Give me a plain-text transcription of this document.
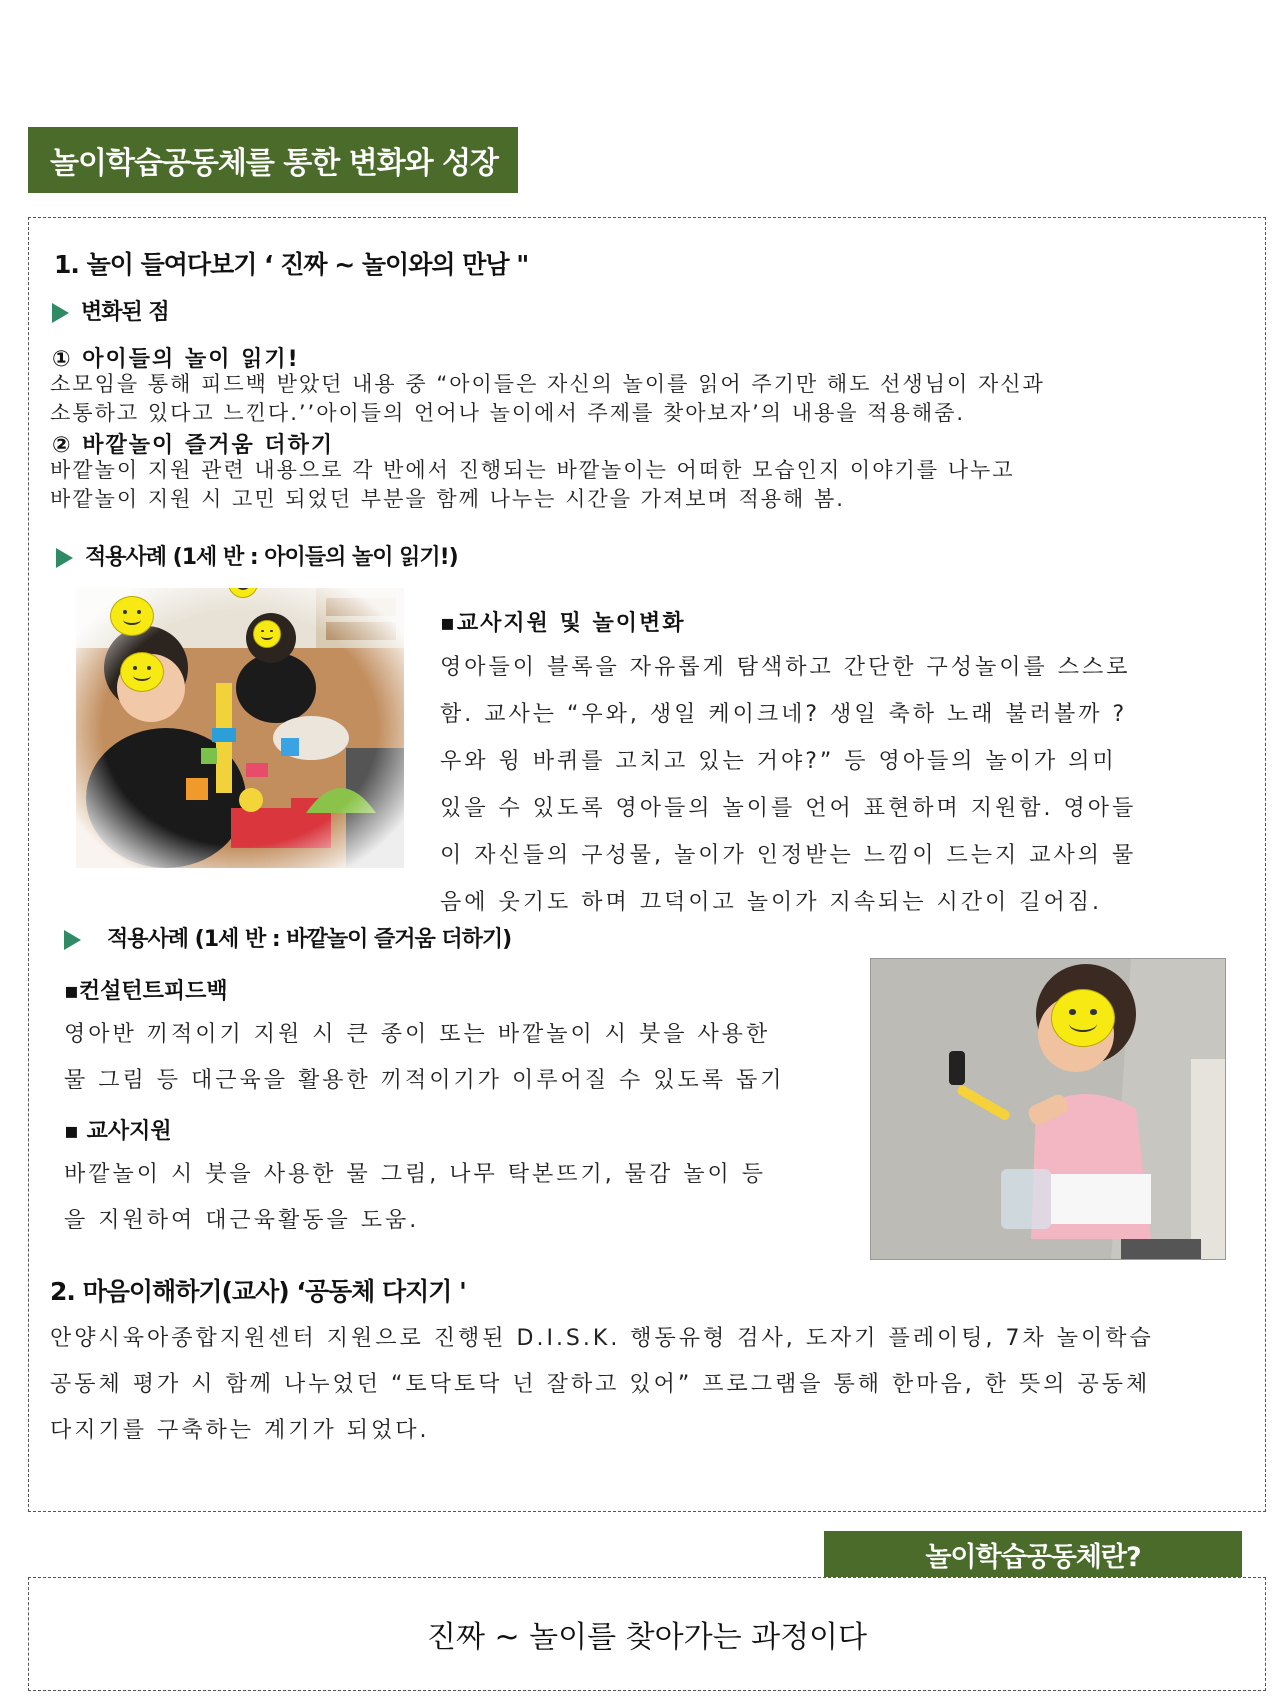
놀이학습공동체를 통한 변화와 성장
1. 놀이 들여다보기 ‘ 진짜 ~ 놀이와의 만남 "
변화된 점
① 아이들의 놀이 읽기!
소모임을 통해 피드백 받았던 내용 중 “아이들은 자신의 놀이를 읽어 주기만 해도 선생님이 자신과
소통하고 있다고 느낀다.’’아이들의 언어나 놀이에서 주제를 찾아보자’의 내용을 적용해줌.
② 바깥놀이 즐거움 더하기
바깥놀이 지원 관련 내용으로 각 반에서 진행되는 바깥놀이는 어떠한 모습인지 이야기를 나누고
바깥놀이 지원 시 고민 되었던 부분을 함께 나누는 시간을 가져보며 적용해 봄.
적용사례 (1세 반 : 아이들의 놀이 읽기!)
▪교사지원 및 놀이변화
영아들이 블록을 자유롭게 탐색하고 간단한 구성놀이를 스스로
함. 교사는 “우와, 생일 케이크네? 생일 축하 노래 불러볼까 ?
우와 윙 바퀴를 고치고 있는 거야?” 등 영아들의 놀이가 의미
있을 수 있도록 영아들의 놀이를 언어 표현하며 지원함. 영아들
이 자신들의 구성물, 놀이가 인정받는 느낌이 드는지 교사의 물
음에 웃기도 하며 끄덕이고 놀이가 지속되는 시간이 길어짐.
적용사례 (1세 반 : 바깥놀이 즐거움 더하기)
▪컨설턴트피드백
영아반 끼적이기 지원 시 큰 종이 또는 바깥놀이 시 붓을 사용한
물 그림 등 대근육을 활용한 끼적이기가 이루어질 수 있도록 돕기
▪ 교사지원
바깥놀이 시 붓을 사용한 물 그림, 나무 탁본뜨기, 물감 놀이 등
을 지원하여 대근육활동을 도움.
2. 마음이해하기(교사) ‘공동체 다지기 '
안양시육아종합지원센터 지원으로 진행된 D.I.S.K. 행동유형 검사, 도자기 플레이팅, 7차 놀이학습
공동체 평가 시 함께 나누었던 “토닥토닥 넌 잘하고 있어” 프로그램을 통해 한마음, 한 뜻의 공동체
다지기를 구축하는 계기가 되었다.
놀이학습공동체란?
진짜 ~ 놀이를 찾아가는 과정이다
